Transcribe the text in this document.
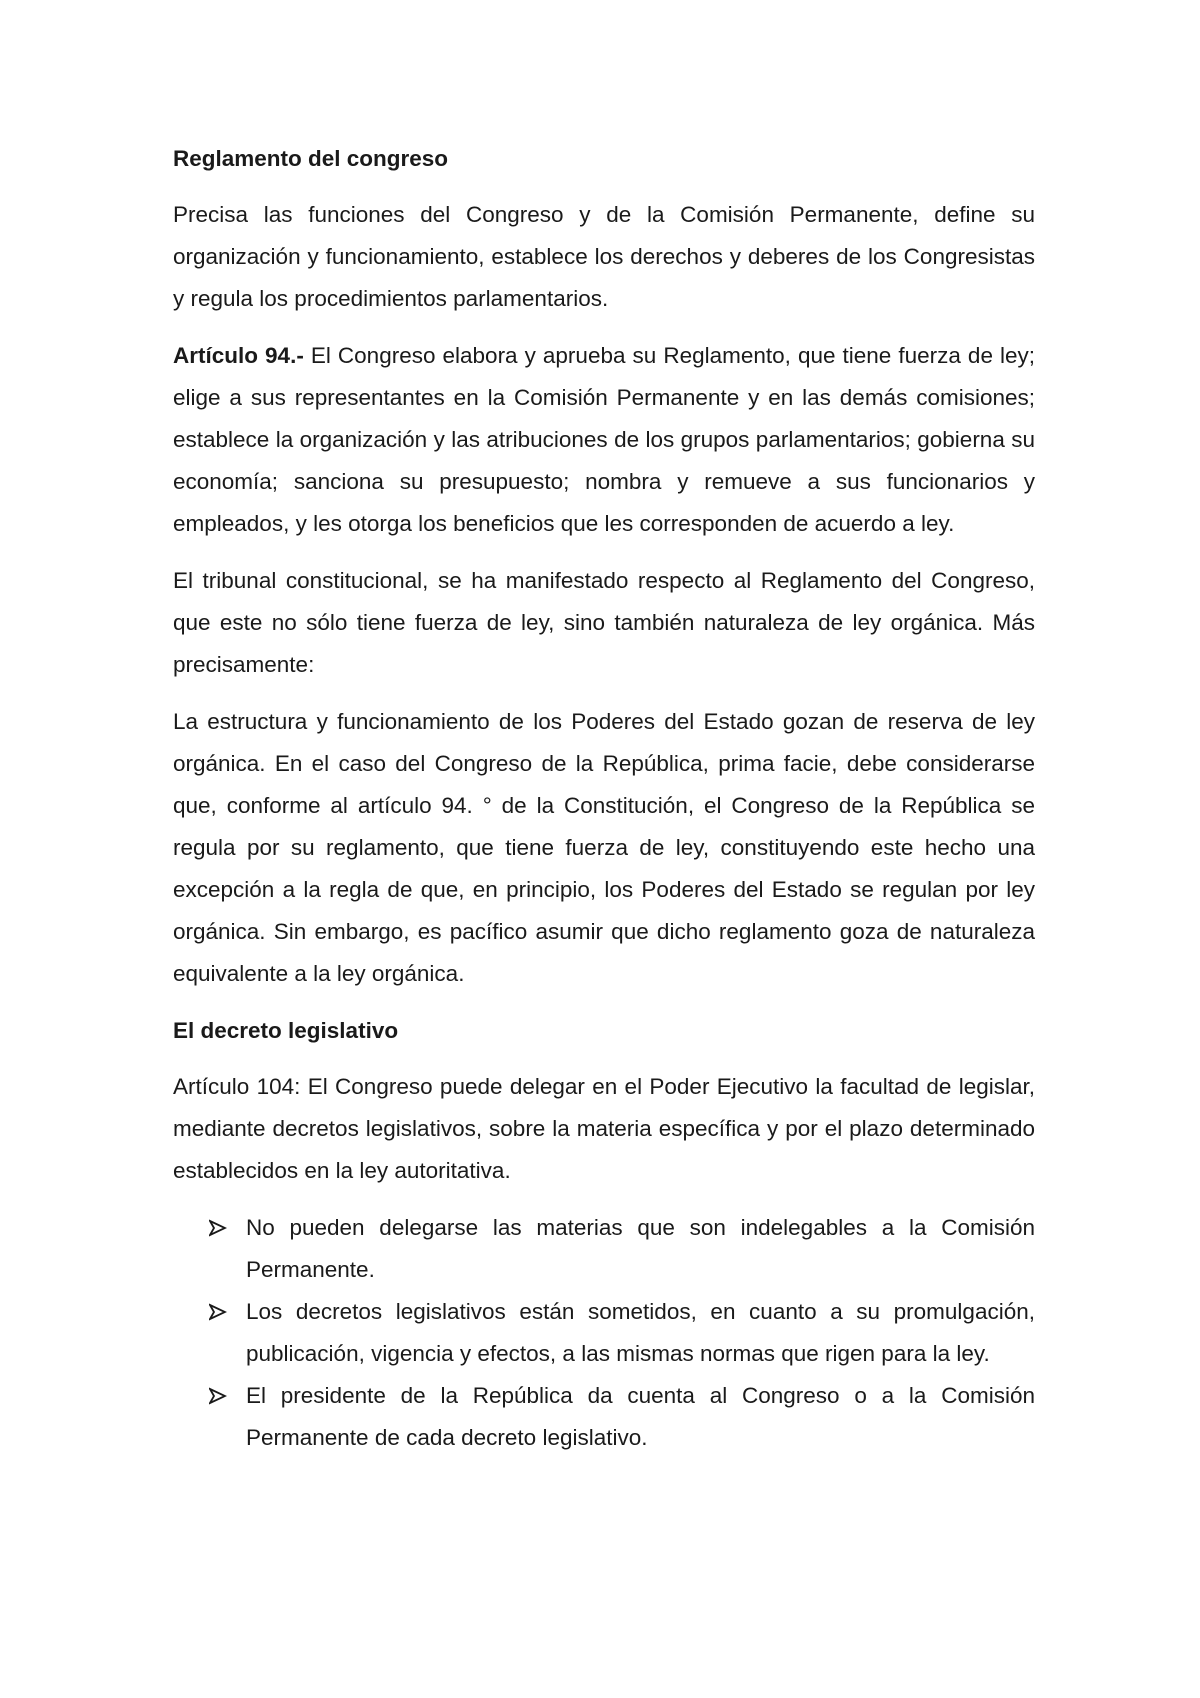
Reglamento del congreso

Precisa las funciones del Congreso y de la Comisión Permanente, define su organización y funcionamiento, establece los derechos y deberes de los Congresistas y regula los procedimientos parlamentarios.

Artículo 94.- El Congreso elabora y aprueba su Reglamento, que tiene fuerza de ley; elige a sus representantes en la Comisión Permanente y en las demás comisiones; establece la organización y las atribuciones de los grupos parlamentarios; gobierna su economía; sanciona su presupuesto; nombra y remueve a sus funcionarios y empleados, y les otorga los beneficios que les corresponden de acuerdo a ley.

El tribunal constitucional, se ha manifestado respecto al Reglamento del Congreso, que este no sólo tiene fuerza de ley, sino también naturaleza de ley orgánica. Más precisamente:

La estructura y funcionamiento de los Poderes del Estado gozan de reserva de ley orgánica. En el caso del Congreso de la República, prima facie, debe considerarse que, conforme al artículo 94. ° de la Constitución, el Congreso de la República se regula por su reglamento, que tiene fuerza de ley, constituyendo este hecho una excepción a la regla de que, en principio, los Poderes del Estado se regulan por ley orgánica. Sin embargo, es pacífico asumir que dicho reglamento goza de naturaleza equivalente a la ley orgánica.

El decreto legislativo

Artículo 104: El Congreso puede delegar en el Poder Ejecutivo la facultad de legislar, mediante decretos legislativos, sobre la materia específica y por el plazo determinado establecidos en la ley autoritativa.

No pueden delegarse las materias que son indelegables a la Comisión Permanente.
Los decretos legislativos están sometidos, en cuanto a su promulgación, publicación, vigencia y efectos, a las mismas normas que rigen para la ley.
El presidente de la República da cuenta al Congreso o a la Comisión Permanente de cada decreto legislativo.
